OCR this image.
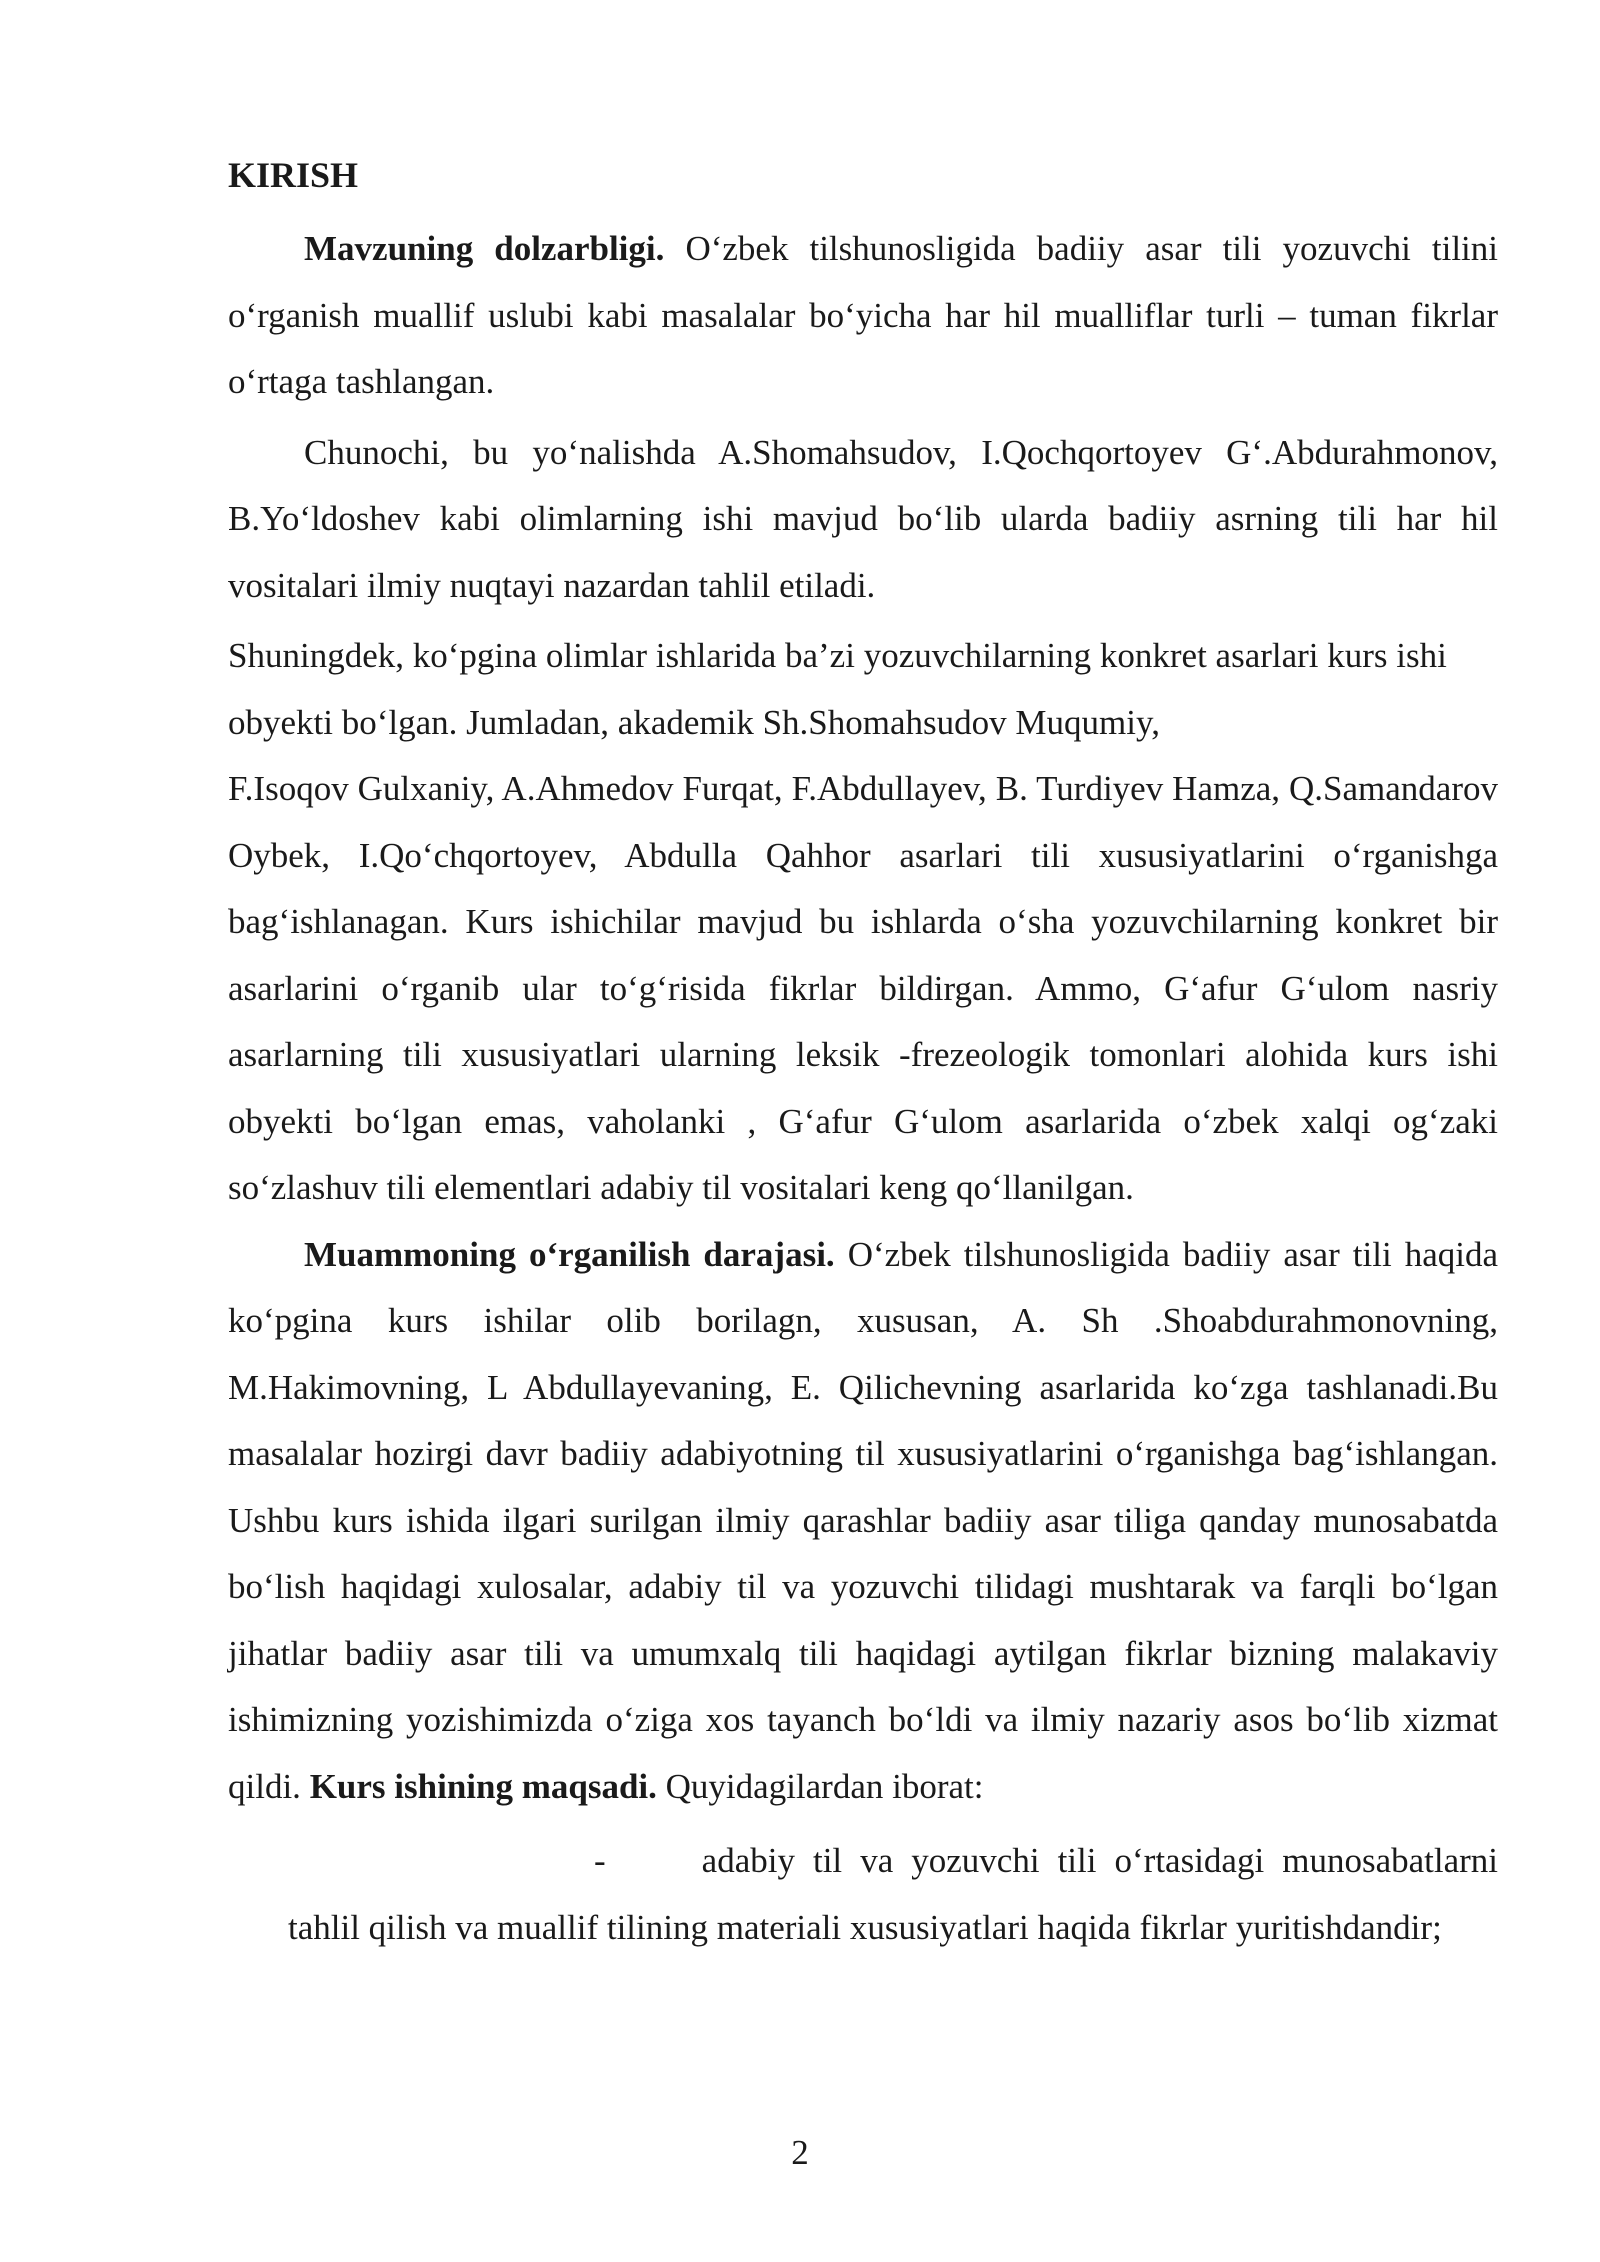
KIRISH

Mavzuning dolzarbligi. O‘zbek tilshunosligida badiiy asar tili yozuvchi tilini o‘rganish muallif uslubi kabi masalalar bo‘yicha har hil mualliflar turli – tuman fikrlar o‘rtaga tashlangan.

Chunochi, bu yo‘nalishda A.Shomahsudov, I.Qochqortoyev G‘.Abdurahmonov, B.Yo‘ldoshev kabi olimlarning ishi mavjud bo‘lib ularda badiiy asrning tili har hil vositalari ilmiy nuqtayi nazardan tahlil etiladi.

Shuningdek, ko‘pgina olimlar ishlarida ba’zi yozuvchilarning konkret asarlari kurs ishi obyekti bo‘lgan. Jumladan, akademik Sh.Shomahsudov Muqumiy,

F.Isoqov Gulxaniy, A.Ahmedov Furqat, F.Abdullayev, B. Turdiyev Hamza, Q.Samandarov Oybek, I.Qo‘chqortoyev, Abdulla Qahhor asarlari tili xususiyatlarini o‘rganishga bag‘ishlanagan. Kurs ishichilar mavjud bu ishlarda o‘sha yozuvchilarning konkret bir asarlarini o‘rganib ular to‘g‘risida fikrlar bildirgan. Ammo, G‘afur G‘ulom nasriy asarlarning tili xususiyatlari ularning leksik -frezeologik tomonlari alohida kurs ishi obyekti bo‘lgan emas, vaholanki , G‘afur G‘ulom asarlarida o‘zbek xalqi og‘zaki so‘zlashuv tili elementlari adabiy til vositalari keng qo‘llanilgan.

Muammoning o‘rganilish darajasi. O‘zbek tilshunosligida badiiy asar tili haqida ko‘pgina kurs ishilar olib borilagn, xususan, A. Sh .Shoabdurahmonovning, M.Hakimovning, L Abdullayevaning, E. Qilichevning asarlarida ko‘zga tashlanadi.Bu masalalar hozirgi davr badiiy adabiyotning til xususiyatlarini o‘rganishga bag‘ishlangan. Ushbu kurs ishida ilgari surilgan ilmiy qarashlar badiiy asar tiliga qanday munosabatda bo‘lish haqidagi xulosalar, adabiy til va yozuvchi tilidagi mushtarak va farqli bo‘lgan jihatlar badiiy asar tili va umumxalq tili haqidagi aytilgan fikrlar bizning malakaviy ishimizning yozishimizda o‘ziga xos tayanch bo‘ldi va ilmiy nazariy asos bo‘lib xizmat qildi. Kurs ishining maqsadi. Quyidagilardan iborat:

-	adabiy til va yozuvchi tili o‘rtasidagi munosabatlarni tahlil qilish va muallif tilining materiali xususiyatlari haqida fikrlar yuritishdandir;

2
